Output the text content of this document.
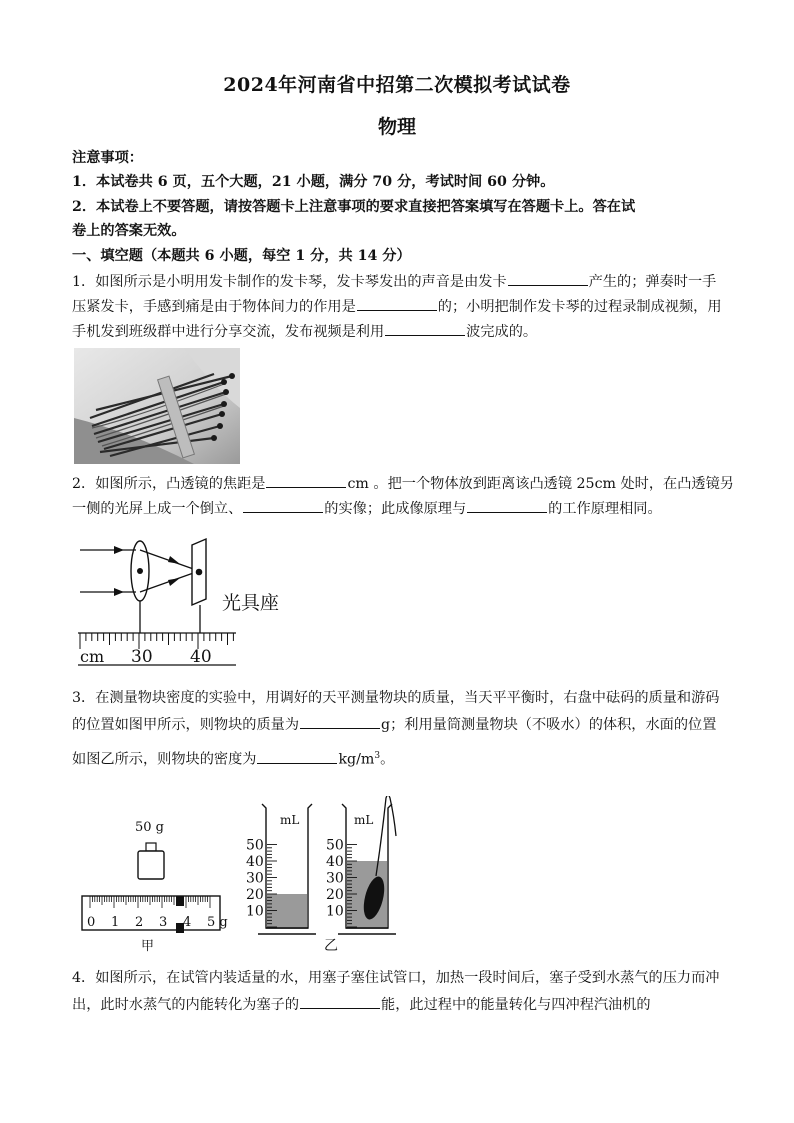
2024年河南省中招第二次模拟考试试卷
物理
注意事项：
1．本试卷共 6 页，五个大题，21 小题，满分 70 分，考试时间 60 分钟。
2．本试卷上不要答题，请按答题卡上注意事项的要求直接把答案填写在答题卡上。答在试
卷上的答案无效。
一、填空题（本题共 6 小题，每空 1 分，共 14 分）
1．如图所示是小明用发卡制作的发卡琴，发卡琴发出的声音是由发卡	产生的；弹奏时一手
压紧发卡，手感到痛是由于物体间力的作用是	的；小明把制作发卡琴的过程录制成视频，用
手机发到班级群中进行分享交流，发布视频是利用	波完成的。
2．如图所示，凸透镜的焦距是	cm 。把一个物体放到距离该凸透镜 25cm 处时，在凸透镜另
一侧的光屏上成一个倒立、	的实像；此成像原理与	的工作原理相同。
光具座
cm 30 40
3．在测量物块密度的实验中，用调好的天平测量物块的质量，当天平平衡时，右盘中砝码的质量和游码
的位置如图甲所示，则物块的质量为	g；利用量筒测量物块（不吸水）的体积，水面的位置
如图乙所示，则物块的密度为	$kg/m^3$。
50 g
0 1 2 3 4 5 g
甲
mL
50
40
30
20
10
mL
50
40
30
20
10
乙
4．如图所示，在试管内装适量的水，用塞子塞住试管口，加热一段时间后，塞子受到水蒸气的压力而冲
出，此时水蒸气的内能转化为塞子的	能，此过程中的能量转化与四冲程汽油机的
